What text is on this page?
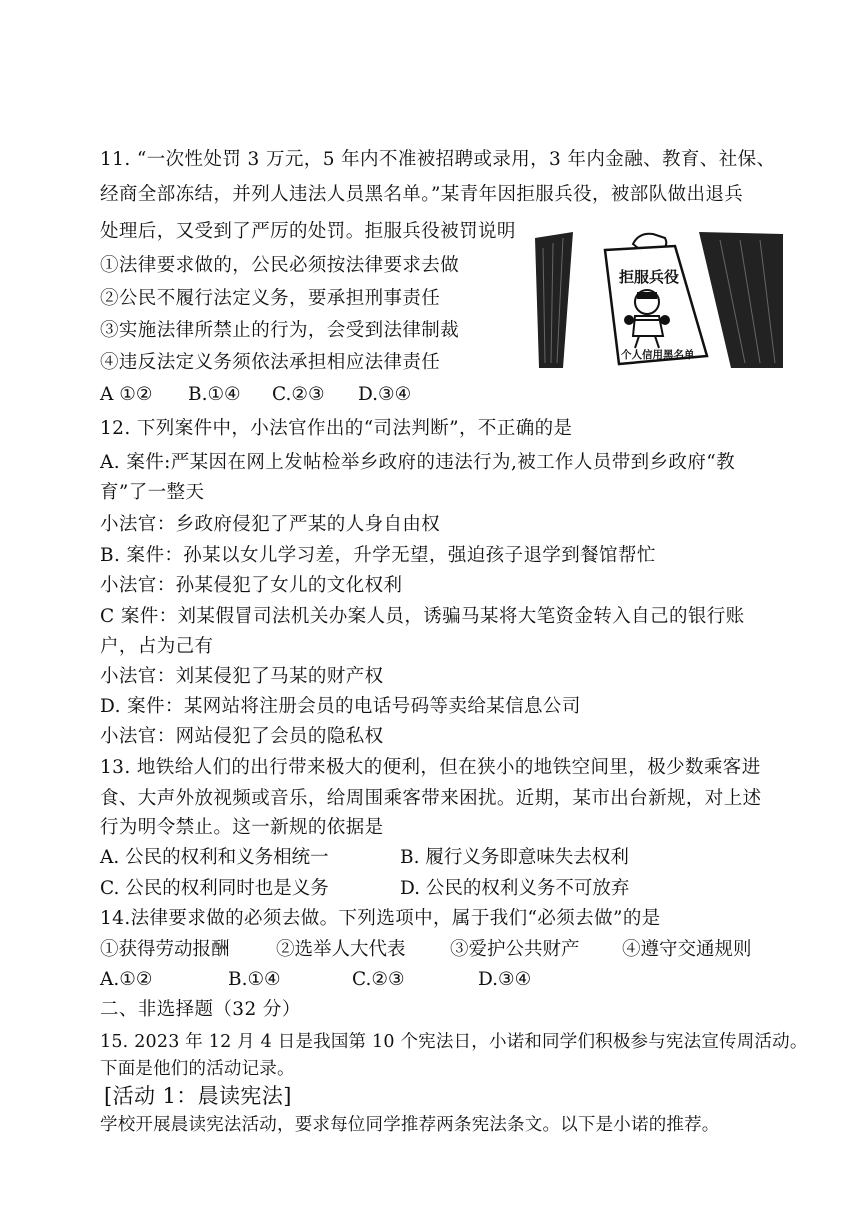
11. “一次性处罚 3 万元，5 年内不准被招聘或录用，3 年内金融、教育、社保、
经商全部冻结，并列人违法人员黑名单。”某青年因拒服兵役，被部队做出退兵
处理后，又受到了严厉的处罚。拒服兵役被罚说明
①法律要求做的，公民必须按法律要求去做
②公民不履行法定义务，要承担刑事责任
③实施法律所禁止的行为，会受到法律制裁
④违反法定义务须依法承担相应法律责任
A ①② B.①④ C.②③ D.③④
拒服兵役
个人信用黑名单
12. 下列案件中，小法官作出的“司法判断”，不正确的是
A. 案件:严某因在网上发帖检举乡政府的违法行为,被工作人员带到乡政府“教
育”了一整天
小法官：乡政府侵犯了严某的人身自由权
B. 案件：孙某以女儿学习差，升学无望，强迫孩子退学到餐馆帮忙
小法官：孙某侵犯了女儿的文化权利
C 案件：刘某假冒司法机关办案人员，诱骗马某将大笔资金转入自己的银行账
户，占为己有
小法官：刘某侵犯了马某的财产权
D. 案件：某网站将注册会员的电话号码等卖给某信息公司
小法官：网站侵犯了会员的隐私权
13. 地铁给人们的出行带来极大的便利，但在狭小的地铁空间里，极少数乘客进
食、大声外放视频或音乐，给周围乘客带来困扰。近期，某市出台新规，对上述
行为明令禁止。这一新规的依据是
A. 公民的权利和义务相统一	B. 履行义务即意味失去权利
C. 公民的权利同时也是义务	D. 公民的权利义务不可放弃
14.法律要求做的必须去做。下列选项中，属于我们“必须去做”的是
①获得劳动报酬	②选举人大代表 ③爱护公共财产 ④遵守交通规则
A.①②	B.①④	C.②③	D.③④
二、非选择题（32 分）
15. 2023 年 12 月 4 日是我国第 10 个宪法日，小诺和同学们积极参与宪法宣传周活动。
下面是他们的活动记录。
[活动 1：晨读宪法]
学校开展晨读宪法活动，要求每位同学推荐两条宪法条文。以下是小诺的推荐。
